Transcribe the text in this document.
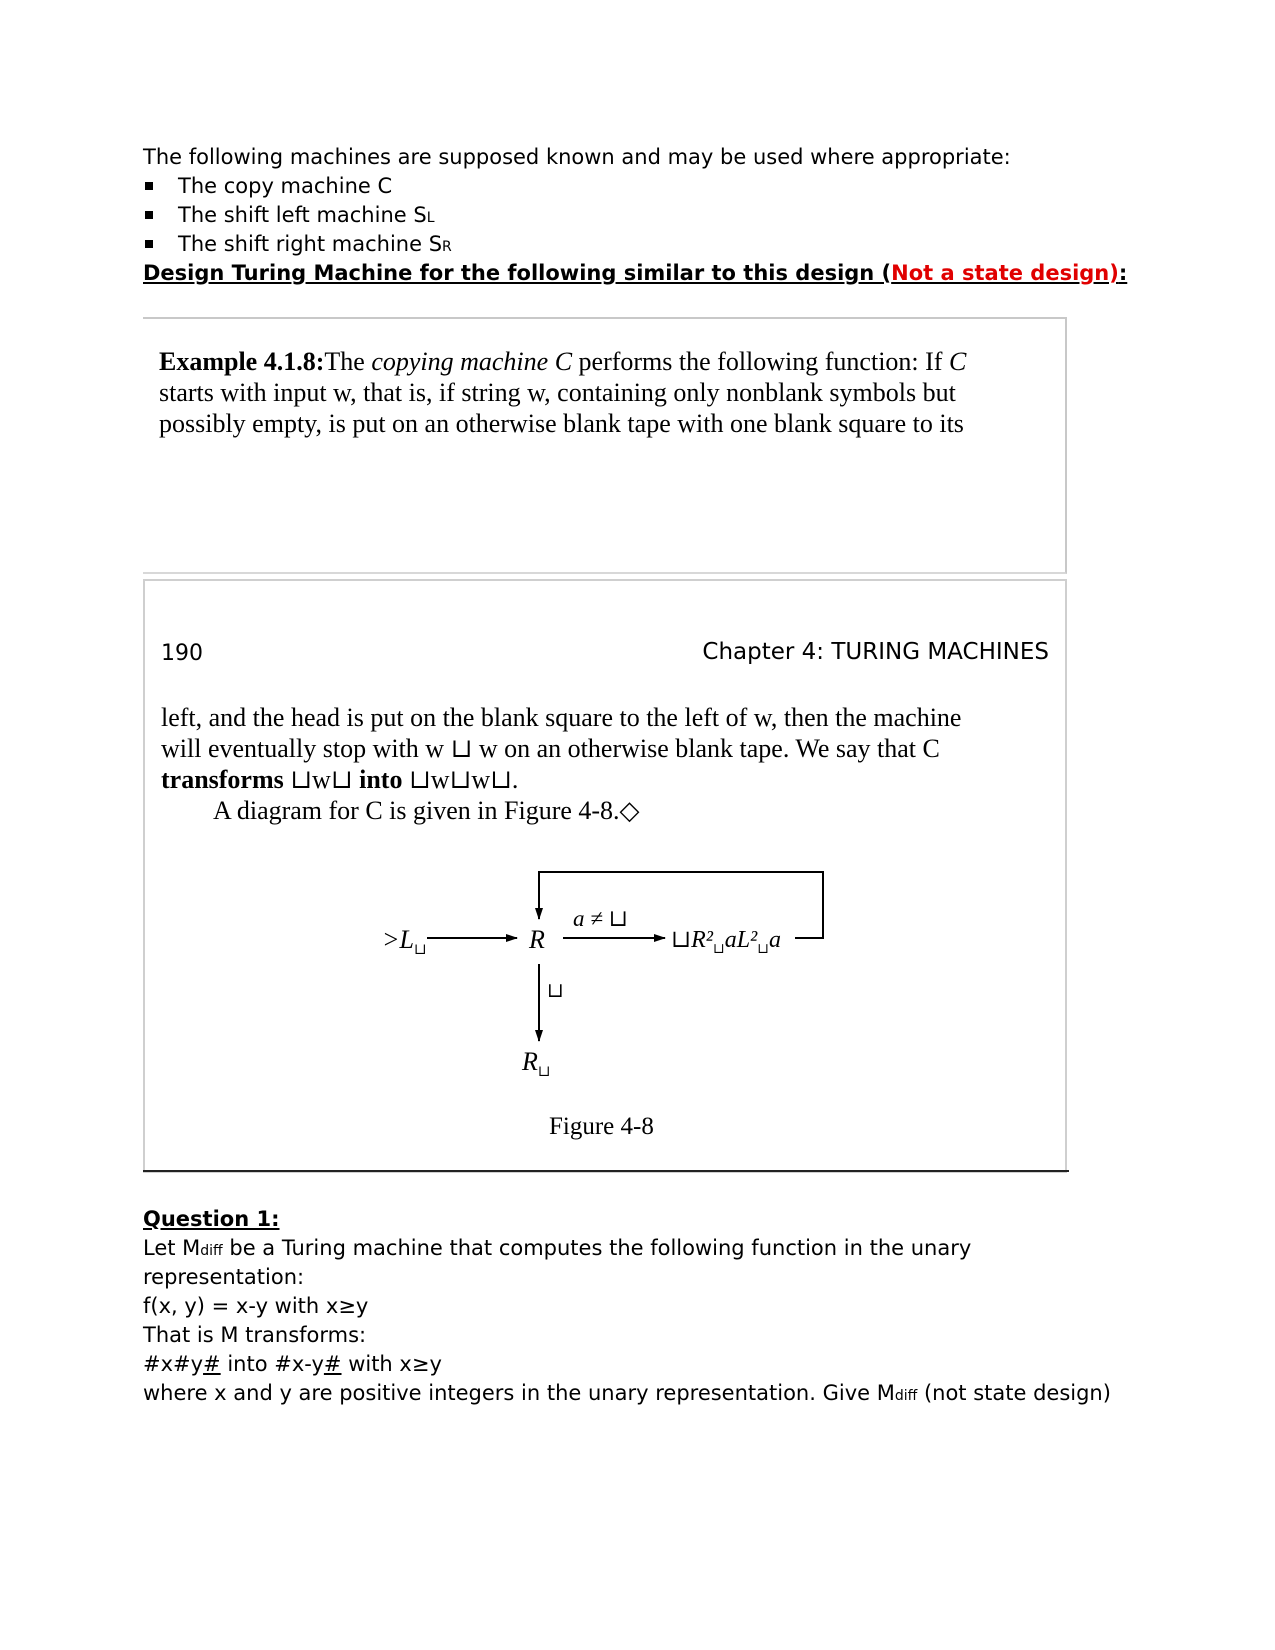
The following machines are supposed known and may be used where appropriate:
The copy machine C
The shift left machine SL
The shift right machine SR
Design Turing Machine for the following similar to this design (Not a state design):
Example 4.1.8:The copying machine C performs the following function: If C
starts with input w, that is, if string w, containing only nonblank symbols but
possibly empty, is put on an otherwise blank tape with one blank square to its
190	Chapter 4: TURING MACHINES
left, and the head is put on the blank square to the left of w, then the machine
will eventually stop with w ⊔ w on an otherwise blank tape. We say that C
transforms ⊔w⊔ into ⊔w⊔w⊔.
A diagram for C is given in Figure 4-8.◇
$>L_⊔$	R
a ≠ ⊔
$⊔R^2_⊔aL^2_⊔a$
⊔
$R_⊔$
Figure 4-8
Question 1:
Let Mdiff be a Turing machine that computes the following function in the unary
representation:
f(x, y) = x-y with x≥y
That is M transforms:
#x#y# into #x-y# with x≥y
where x and y are positive integers in the unary representation. Give Mdiff (not state design)
